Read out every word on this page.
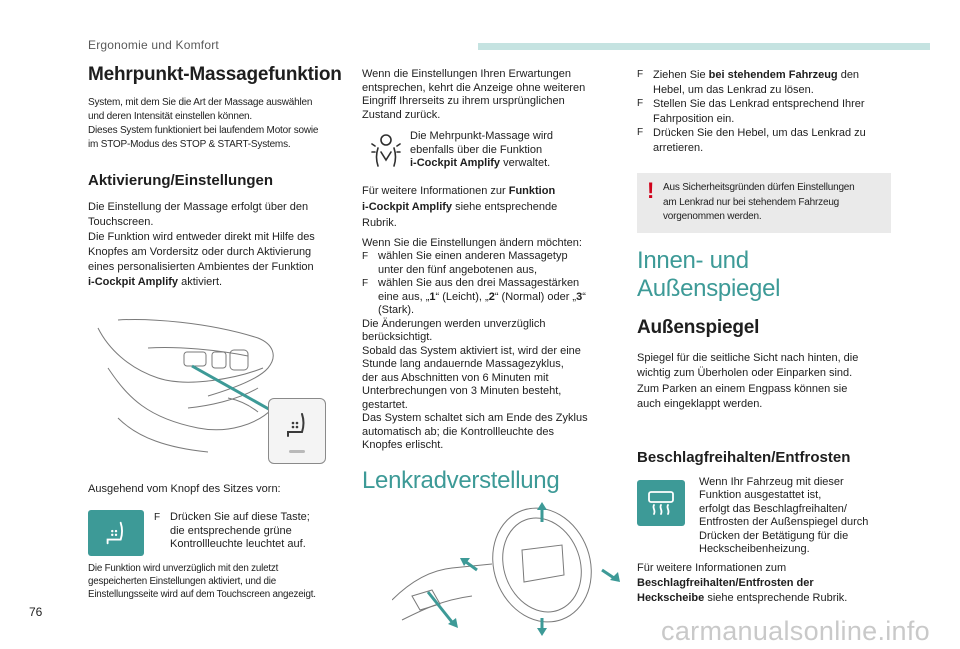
Ergonomie und Komfort
Mehrpunkt-Massagefunktion
System, mit dem Sie die Art der Massage auswählen
und deren Intensität einstellen können.
Dieses System funktioniert bei laufendem Motor sowie
im STOP-Modus des STOP & START-Systems.
Aktivierung/Einstellungen
Die Einstellung der Massage erfolgt über den
Touchscreen.
Die Funktion wird entweder direkt mit Hilfe des
Knopfes am Vordersitz oder durch Aktivierung
eines personalisierten Ambientes der Funktion
i-Cockpit Amplify aktiviert.
Ausgehend vom Knopf des Sitzes vorn:
F Drücken Sie auf diese Taste;
die entsprechende grüne
Kontrollleuchte leuchtet auf.
Die Funktion wird unverzüglich mit den zuletzt
gespeicherten Einstellungen aktiviert, und die
Einstellungsseite wird auf dem Touchscreen angezeigt.
Wenn die Einstellungen Ihren Erwartungen
entsprechen, kehrt die Anzeige ohne weiteren
Eingriff Ihrerseits zu ihrem ursprünglichen
Zustand zurück.
Die Mehrpunkt-Massage wird
ebenfalls über die Funktion
i-Cockpit Amplify verwaltet.
Für weitere Informationen zur Funktion
i-Cockpit Amplify siehe entsprechende
Rubrik.
Wenn Sie die Einstellungen ändern möchten:
F wählen Sie einen anderen Massagetyp
unter den fünf angebotenen aus,
F wählen Sie aus den drei Massagestärken
eine aus, „1“ (Leicht), „2“ (Normal) oder „3“
(Stark).
Die Änderungen werden unverzüglich
berücksichtigt.
Sobald das System aktiviert ist, wird der eine
Stunde lang andauernde Massagezyklus,
der aus Abschnitten von 6 Minuten mit
Unterbrechungen von 3 Minuten besteht,
gestartet.
Das System schaltet sich am Ende des Zyklus
automatisch ab; die Kontrollleuchte des
Knopfes erlischt.
Lenkradverstellung
F Ziehen Sie bei stehendem Fahrzeug den
Hebel, um das Lenkrad zu lösen.
F Stellen Sie das Lenkrad entsprechend Ihrer
Fahrposition ein.
F Drücken Sie den Hebel, um das Lenkrad zu
arretieren.
! Aus Sicherheitsgründen dürfen Einstellungen
am Lenkrad nur bei stehendem Fahrzeug
vorgenommen werden.
Innen- und Außenspiegel
Außenspiegel
Spiegel für die seitliche Sicht nach hinten, die
wichtig zum Überholen oder Einparken sind.
Zum Parken an einem Engpass können sie
auch eingeklappt werden.
Beschlagfreihalten/Entfrosten
Wenn Ihr Fahrzeug mit dieser
Funktion ausgestattet ist,
erfolgt das Beschlagfreihalten/
Entfrosten der Außenspiegel durch
Drücken der Betätigung für die
Heckscheibenheizung.
Für weitere Informationen zum
Beschlagfreihalten/Entfrosten der
Heckscheibe siehe entsprechende Rubrik.
76
carmanualsonline.info
